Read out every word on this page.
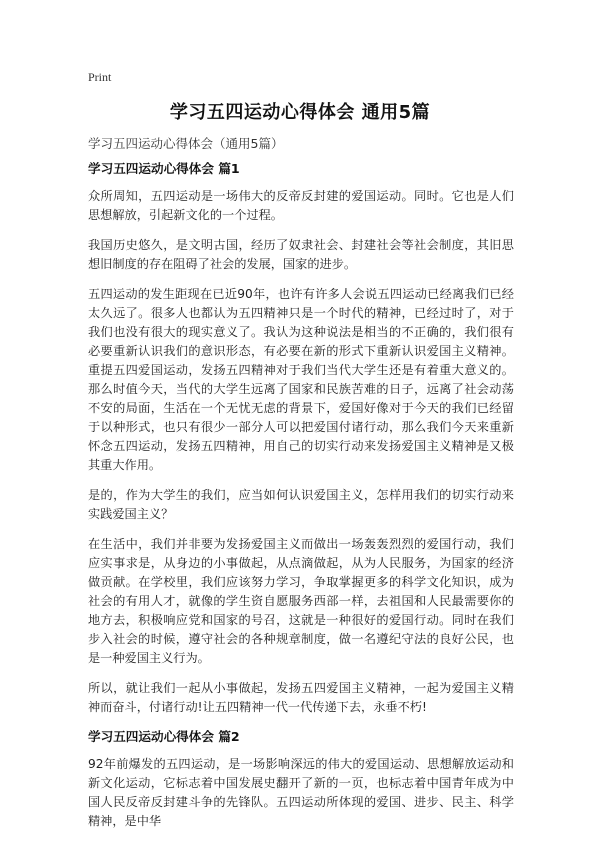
Print
学习五四运动心得体会 通用5篇
学习五四运动心得体会（通用5篇）
学习五四运动心得体会 篇1

众所周知，五四运动是一场伟大的反帝反封建的爱国运动。同时。它也是人们思想解放，引起新文化的一个过程。

我国历史悠久，是文明古国，经历了奴隶社会、封建社会等社会制度，其旧思想旧制度的存在阻碍了社会的发展，国家的进步。

五四运动的发生距现在已近90年，也许有许多人会说五四运动已经离我们已经太久远了。很多人也都认为五四精神只是一个时代的精神，已经过时了，对于我们也没有很大的现实意义了。我认为这种说法是相当的不正确的，我们很有必要重新认识我们的意识形态，有必要在新的形式下重新认识爱国主义精神。重提五四爱国运动，发扬五四精神对于我们当代大学生还是有着重大意义的。那么时值今天，当代的大学生远离了国家和民族苦难的日子，远离了社会动荡不安的局面，生活在一个无忧无虑的背景下，爱国好像对于今天的我们已经留于以种形式，也只有很少一部分人可以把爱国付诸行动，那么我们今天来重新怀念五四运动，发扬五四精神，用自己的切实行动来发扬爱国主义精神是又极其重大作用。

是的，作为大学生的我们，应当如何认识爱国主义，怎样用我们的切实行动来实践爱国主义？

在生活中，我们并非要为发扬爱国主义而做出一场轰轰烈烈的爱国行动，我们应实事求是，从身边的小事做起，从点滴做起，从为人民服务，为国家的经济做贡献。在学校里，我们应该努力学习，争取掌握更多的科学文化知识，成为社会的有用人才，就像的学生资自愿服务西部一样，去祖国和人民最需要你的地方去，积极响应党和国家的号召，这就是一种很好的爱国行动。同时在我们步入社会的时候，遵守社会的各种规章制度，做一名遵纪守法的良好公民，也是一种爱国主义行为。

所以，就让我们一起从小事做起，发扬五四爱国主义精神，一起为爱国主义精神而奋斗，付诸行动!让五四精神一代一代传递下去，永垂不朽!

学习五四运动心得体会 篇2

92年前爆发的五四运动，是一场影响深远的伟大的爱国运动、思想解放运动和新文化运动，它标志着中国发展史翻开了新的一页，也标志着中国青年成为中国人民反帝反封建斗争的先锋队。五四运动所体现的爱国、进步、民主、科学精神，是中华
